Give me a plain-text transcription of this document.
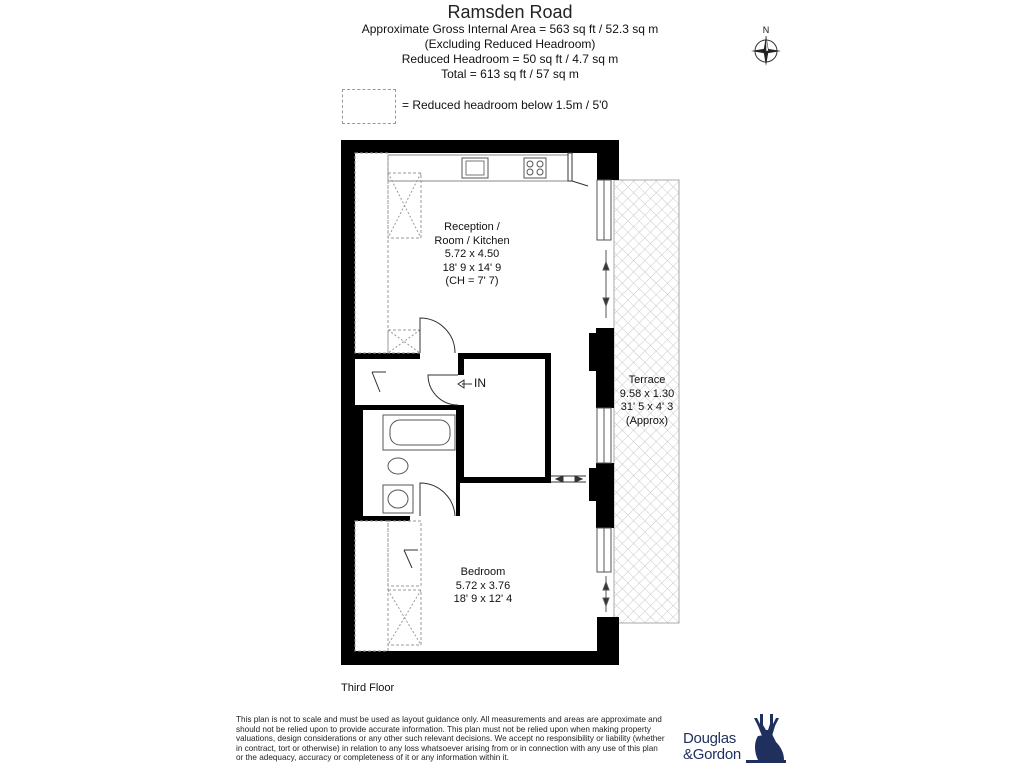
Ramsden Road
Approximate Gross Internal Area = 563 sq ft / 52.3 sq m
(Excluding Reduced Headroom)
Reduced Headroom = 50 sq ft / 4.7 sq m
Total = 613 sq ft / 57 sq m
= Reduced headroom below 1.5m / 5'0
N
Reception /
Room / Kitchen
5.72 x 4.50
18' 9 x 14' 9
(CH = 7' 7)
Terrace
9.58 x 1.30
31' 5 x 4' 3
(Approx)
Bedroom
5.72 x 3.76
18' 9 x 12' 4
IN
Third Floor
This plan is not to scale and must be used as layout guidance only. All measurements and areas are approximate and should not be relied upon to provide accurate information. This plan must not be relied upon when making property valuations, design considerations or any other such relevant decisions. We accept no responsibility or liability (whether in contract, tort or otherwise) in relation to any loss whatsoever arising from or in connection with any use of this plan or the adequacy, accuracy or completeness of it or any information within it.
Douglas
&Gordon
